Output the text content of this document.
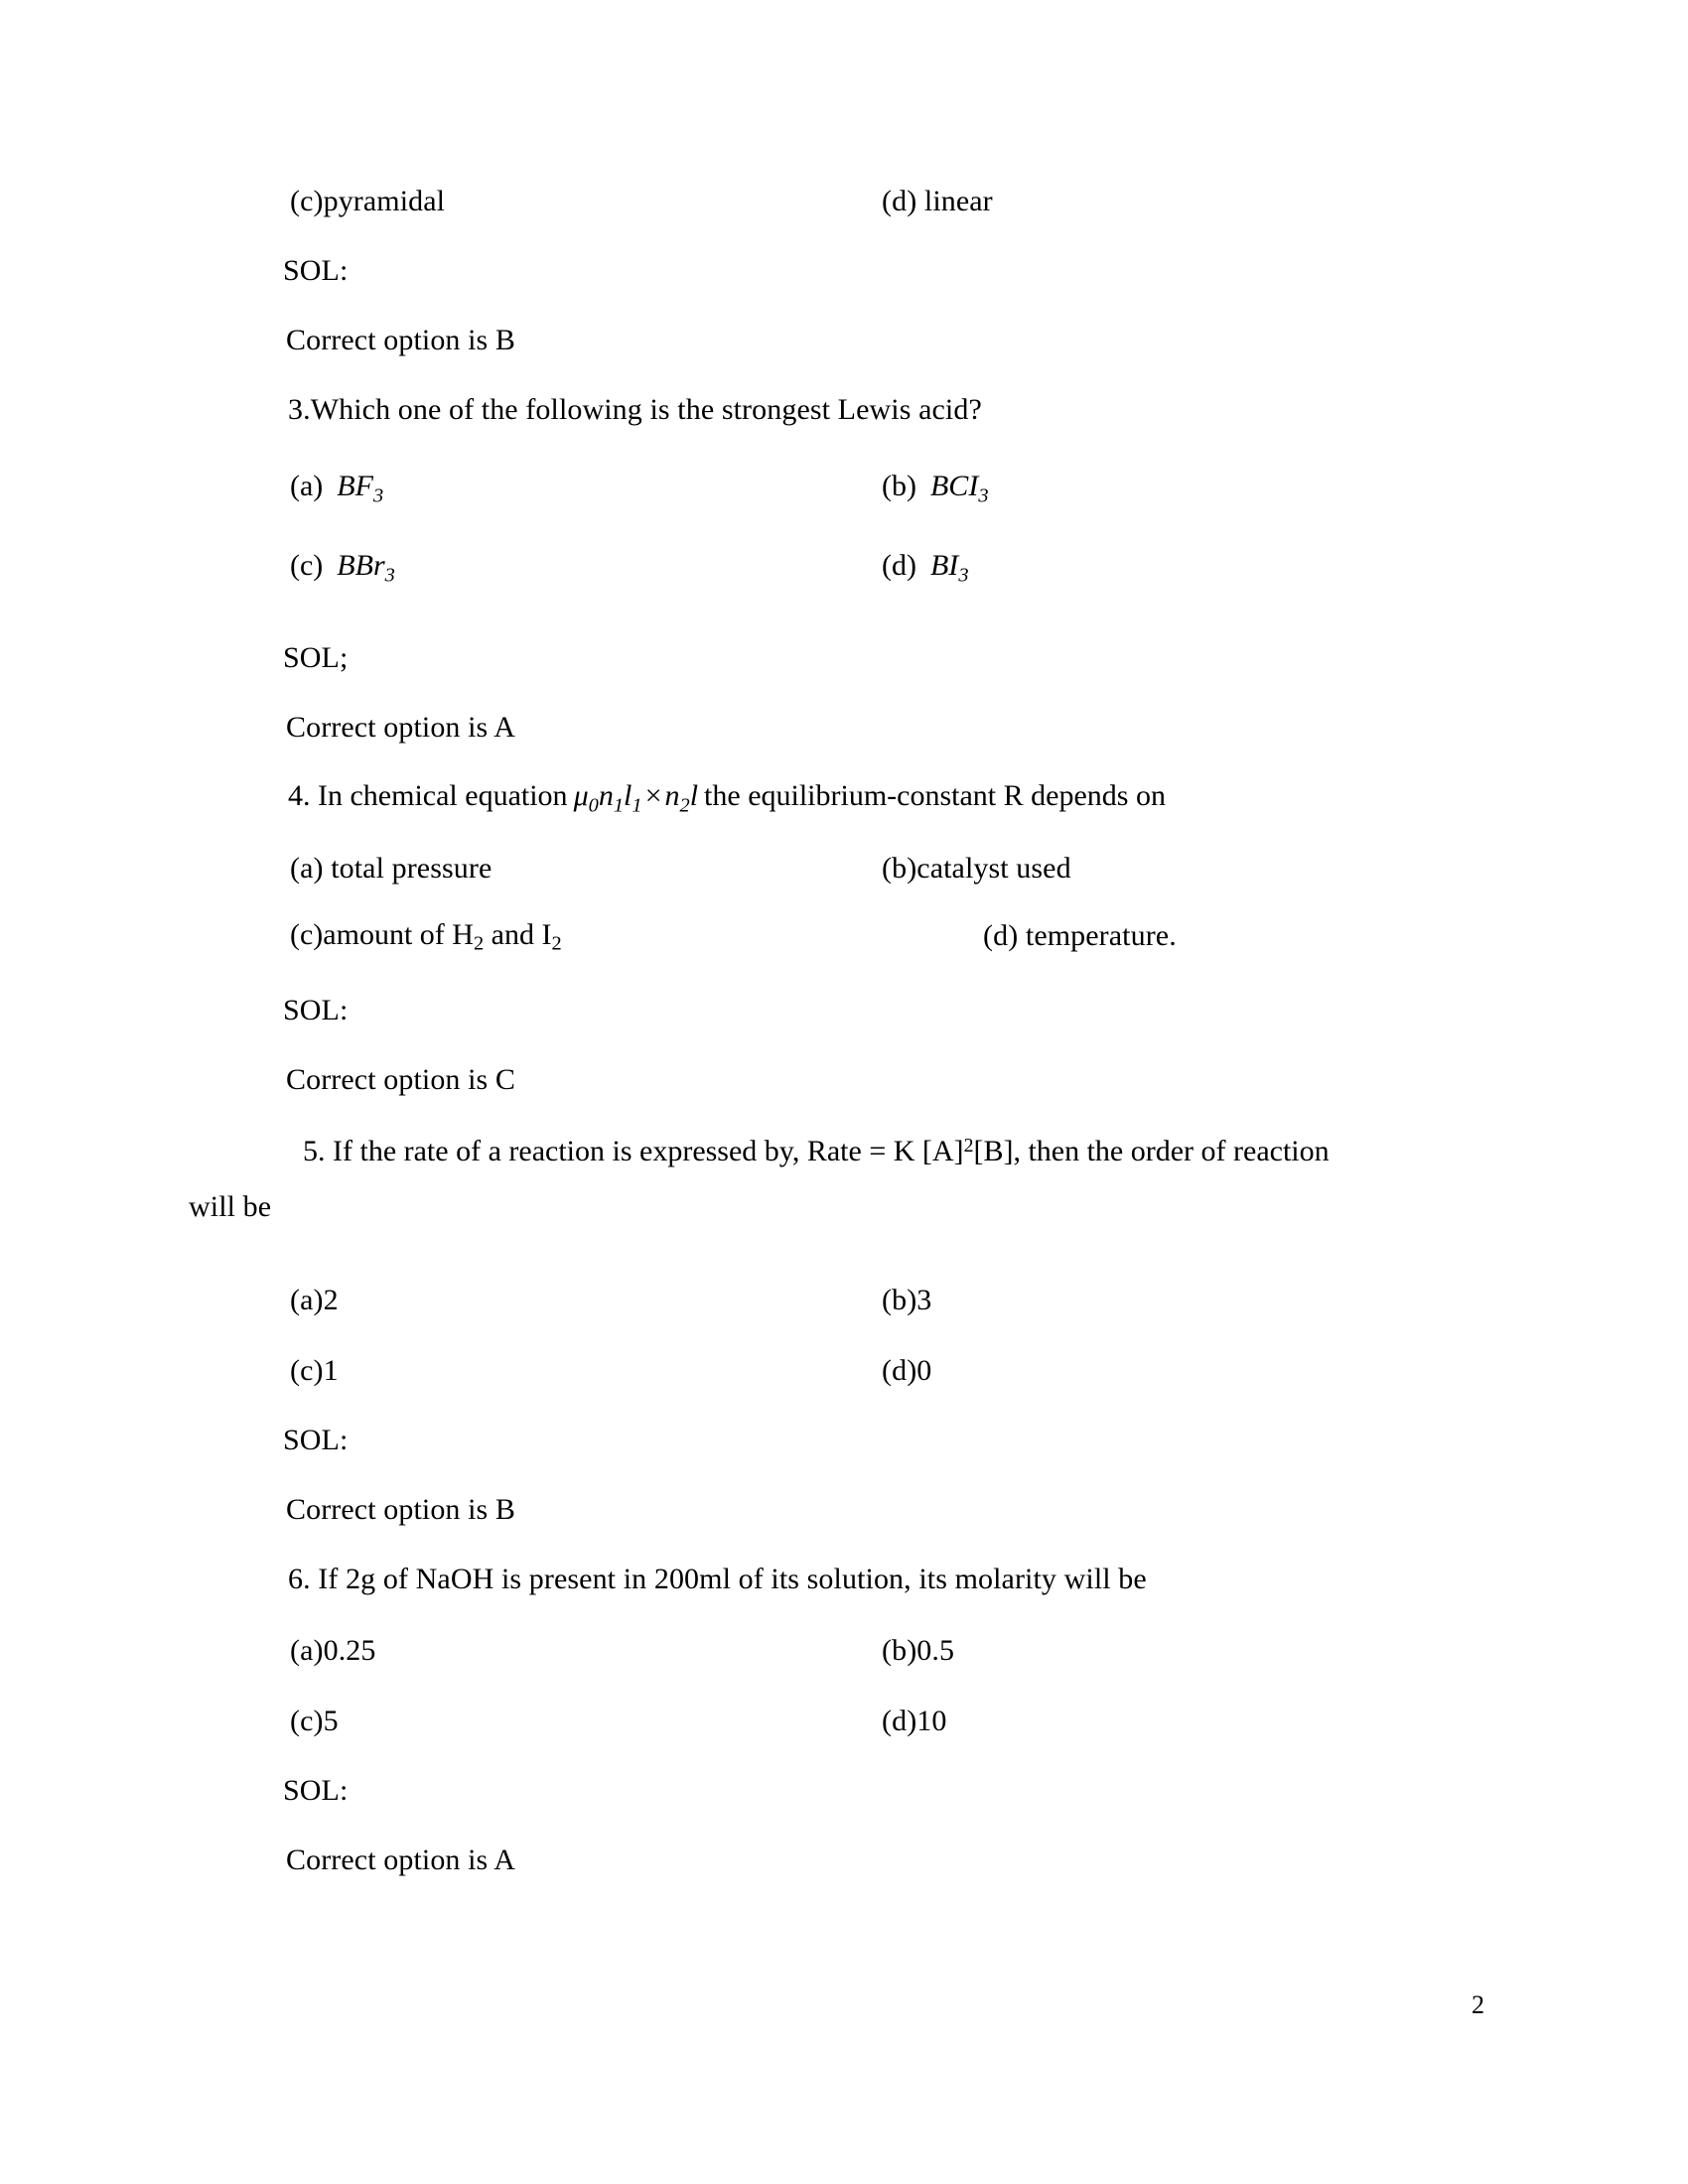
(c)pyramidal	(d) linear
SOL:
Correct option is B
3.Which one of the following is the strongest Lewis acid?
(a) $BF_3$	(b) $BCI_3$
(c) BBr$_3$	(d) $BI_3$
SOL;
Correct option is A
4. In chemical equation $\mu_0n_1l_1 \times n_2l$ the equilibrium-constant R depends on
(a) total pressure	(b)catalyst used
(c)amount of $H_2$ and $I_2$	(d) temperature.
SOL:
Correct option is C
5. If the rate of a reaction is expressed by, Rate = K $[A]^2[B]$, then the order of reaction
will be
(a)2	(b)3
(c)1	(d)0
SOL:
Correct option is B
6. If 2g of NaOH is present in 200ml of its solution, its molarity will be
(a)0.25	(b)0.5
(c)5	(d)10
SOL:
Correct option is A
2
